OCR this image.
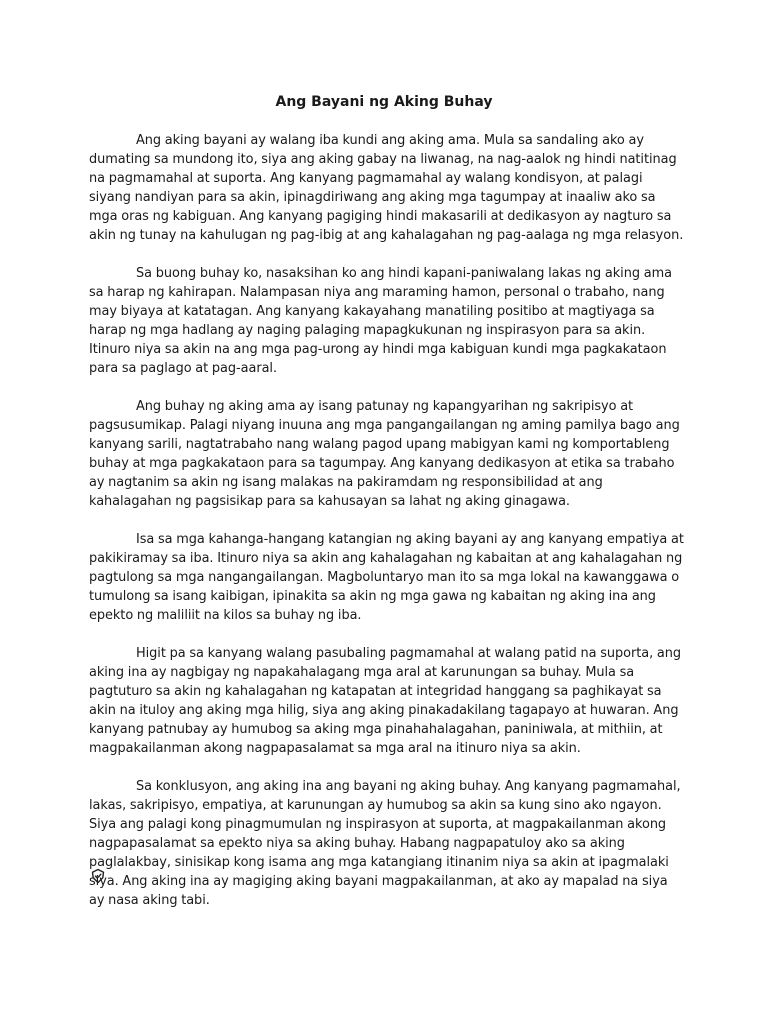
Ang Bayani ng Aking Buhay

Ang aking bayani ay walang iba kundi ang aking ama. Mula sa sandaling ako ay dumating sa mundong ito, siya ang aking gabay na liwanag, na nag-aalok ng hindi natitinag na pagmamahal at suporta. Ang kanyang pagmamahal ay walang kondisyon, at palagi siyang nandiyan para sa akin, ipinagdiriwang ang aking mga tagumpay at inaaliw ako sa mga oras ng kabiguan. Ang kanyang pagiging hindi makasarili at dedikasyon ay nagturo sa akin ng tunay na kahulugan ng pag-ibig at ang kahalagahan ng pag-aalaga ng mga relasyon.

Sa buong buhay ko, nasaksihan ko ang hindi kapani-paniwalang lakas ng aking ama sa harap ng kahirapan. Nalampasan niya ang maraming hamon, personal o trabaho, nang may biyaya at katatagan. Ang kanyang kakayahang manatiling positibo at magtiyaga sa harap ng mga hadlang ay naging palaging mapagkukunan ng inspirasyon para sa akin. Itinuro niya sa akin na ang mga pag-urong ay hindi mga kabiguan kundi mga pagkakataon para sa paglago at pag-aaral.

Ang buhay ng aking ama ay isang patunay ng kapangyarihan ng sakripisyo at pagsusumikap. Palagi niyang inuuna ang mga pangangailangan ng aming pamilya bago ang kanyang sarili, nagtatrabaho nang walang pagod upang mabigyan kami ng komportableng buhay at mga pagkakataon para sa tagumpay. Ang kanyang dedikasyon at etika sa trabaho ay nagtanim sa akin ng isang malakas na pakiramdam ng responsibilidad at ang kahalagahan ng pagsisikap para sa kahusayan sa lahat ng aking ginagawa.

Isa sa mga kahanga-hangang katangian ng aking bayani ay ang kanyang empatiya at pakikiramay sa iba. Itinuro niya sa akin ang kahalagahan ng kabaitan at ang kahalagahan ng pagtulong sa mga nangangailangan. Magboluntaryo man ito sa mga lokal na kawanggawa o tumulong sa isang kaibigan, ipinakita sa akin ng mga gawa ng kabaitan ng aking ina ang epekto ng maliliit na kilos sa buhay ng iba.

Higit pa sa kanyang walang pasubaling pagmamahal at walang patid na suporta, ang aking ina ay nagbigay ng napakahalagang mga aral at karunungan sa buhay. Mula sa pagtuturo sa akin ng kahalagahan ng katapatan at integridad hanggang sa paghikayat sa akin na ituloy ang aking mga hilig, siya ang aking pinakadakilang tagapayo at huwaran. Ang kanyang patnubay ay humubog sa aking mga pinahahalagahan, paniniwala, at mithiin, at magpakailanman akong nagpapasalamat sa mga aral na itinuro niya sa akin.

Sa konklusyon, ang aking ina ang bayani ng aking buhay. Ang kanyang pagmamahal, lakas, sakripisyo, empatiya, at karunungan ay humubog sa akin sa kung sino ako ngayon. Siya ang palagi kong pinagmumulan ng inspirasyon at suporta, at magpakailanman akong nagpapasalamat sa epekto niya sa aking buhay. Habang nagpapatuloy ako sa aking paglalakbay, sinisikap kong isama ang mga katangiang itinanim niya sa akin at ipagmalaki siya. Ang aking ina ay magiging aking bayani magpakailanman, at ako ay mapalad na siya ay nasa aking tabi.
